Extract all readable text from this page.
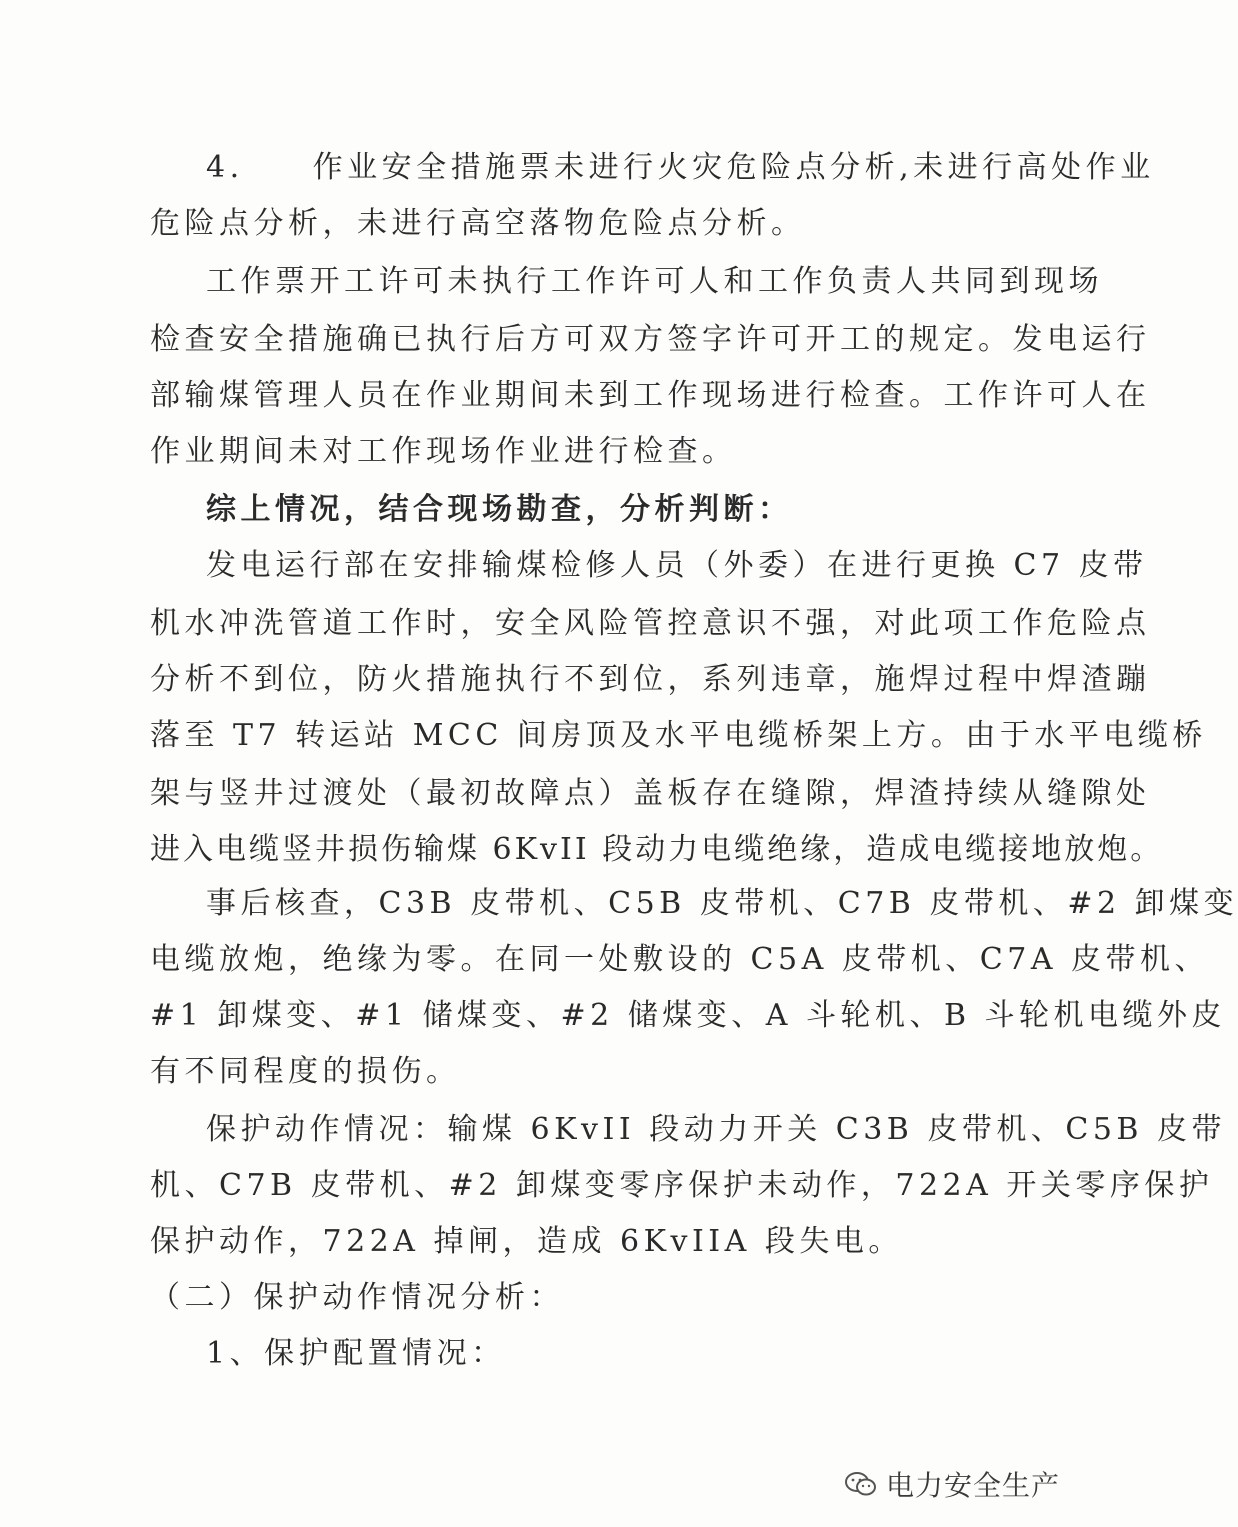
4.　　作业安全措施票未进行火灾危险点分析,未进行高处作业
危险点分析，未进行高空落物危险点分析。
工作票开工许可未执行工作许可人和工作负责人共同到现场
检查安全措施确已执行后方可双方签字许可开工的规定。发电运行
部输煤管理人员在作业期间未到工作现场进行检查。工作许可人在
作业期间未对工作现场作业进行检查。
综上情况，结合现场勘查，分析判断：
发电运行部在安排输煤检修人员（外委）在进行更换 C7 皮带
机水冲洗管道工作时，安全风险管控意识不强，对此项工作危险点
分析不到位，防火措施执行不到位，系列违章，施焊过程中焊渣蹦
落至 T7 转运站 MCC 间房顶及水平电缆桥架上方。由于水平电缆桥
架与竖井过渡处（最初故障点）盖板存在缝隙，焊渣持续从缝隙处
进入电缆竖井损伤输煤 6KvII 段动力电缆绝缘，造成电缆接地放炮。
事后核查，C3B 皮带机、C5B 皮带机、C7B 皮带机、#2 卸煤变
电缆放炮，绝缘为零。在同一处敷设的 C5A 皮带机、C7A 皮带机、
#1 卸煤变、#1 储煤变、#2 储煤变、A 斗轮机、B 斗轮机电缆外皮
有不同程度的损伤。
保护动作情况：输煤 6KvII 段动力开关 C3B 皮带机、C5B 皮带
机、C7B 皮带机、#2 卸煤变零序保护未动作，722A 开关零序保护
保护动作，722A 掉闸，造成 6KvIIA 段失电。
（二）保护动作情况分析：
1、保护配置情况：
电力安全生产
